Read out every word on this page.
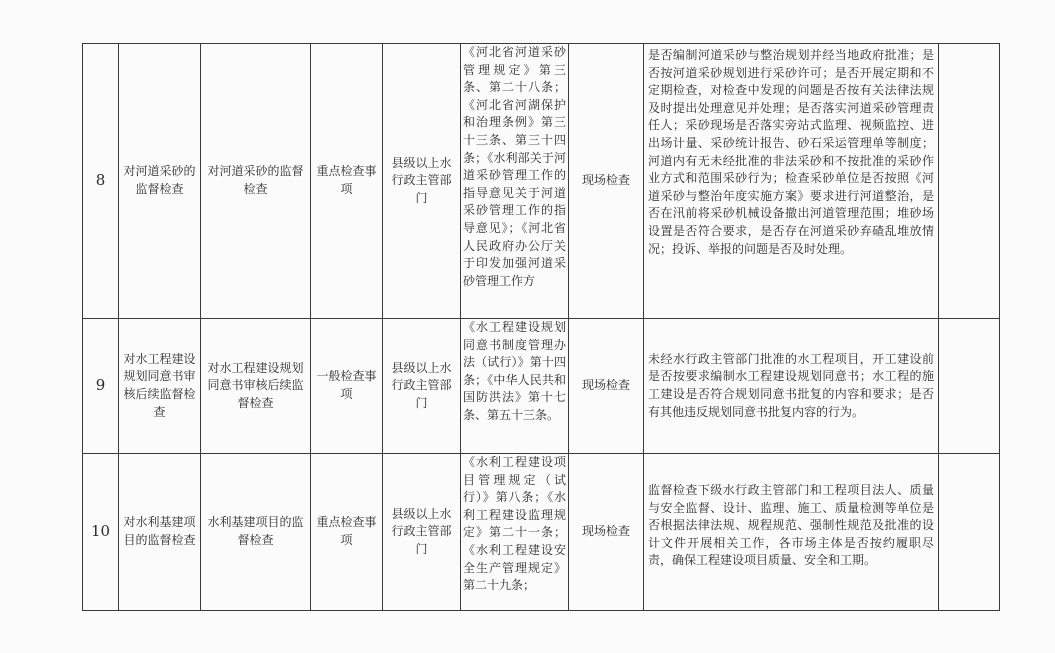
8	对河道采砂的监督检查	对河道采砂的监督检查	重点检查事项	县级以上水行政主管部门	《河北省河道采砂管理规定》第三条、第二十八条；《河北省河湖保护和治理条例》第三十三条、第三十四条；《水利部关于河道采砂管理工作的指导意见关于河道采砂管理工作的指导意见》；《河北省人民政府办公厅关于印发加强河道采砂管理工作方	现场检查	是否编制河道采砂与整治规划并经当地政府批准；是否按河道采砂规划进行采砂许可；是否开展定期和不定期检查，对检查中发现的问题是否按有关法律法规及时提出处理意见并处理；是否落实河道采砂管理责任人；采砂现场是否落实旁站式监理、视频监控、进出场计量、采砂统计报告、砂石采运管理单等制度；河道内有无未经批准的非法采砂和不按批准的采砂作业方式和范围采砂行为；检查采砂单位是否按照《河道采砂与整治年度实施方案》要求进行河道整治，是否在汛前将采砂机械设备撤出河道管理范围；堆砂场设置是否符合要求，是否存在河道采砂弃碴乱堆放情况；投诉、举报的问题是否及时处理。	
9	对水工程建设规划同意书审核后续监督检查	对水工程建设规划同意书审核后续监督检查	一般检查事项	县级以上水行政主管部门	《水工程建设规划同意书制度管理办法（试行）》第十四条；《中华人民共和国防洪法》第十七条、第五十三条。	现场检查	未经水行政主管部门批准的水工程项目，开工建设前是否按要求编制水工程建设规划同意书；水工程的施工建设是否符合规划同意书批复的内容和要求；是否有其他违反规划同意书批复内容的行为。	
10	对水利基建项目的监督检查	水利基建项目的监督检查	重点检查事项	县级以上水行政主管部门	《水利工程建设项目管理规定（试行）》第八条；《水利工程建设监理规定》第二十一条；《水利工程建设安全生产管理规定》第二十九条；	现场检查	监督检查下级水行政主管部门和工程项目法人、质量与安全监督、设计、监理、施工、质量检测等单位是否根据法律法规、规程规范、强制性规范及批准的设计文件开展相关工作，各市场主体是否按约履职尽责，确保工程建设项目质量、安全和工期。	
